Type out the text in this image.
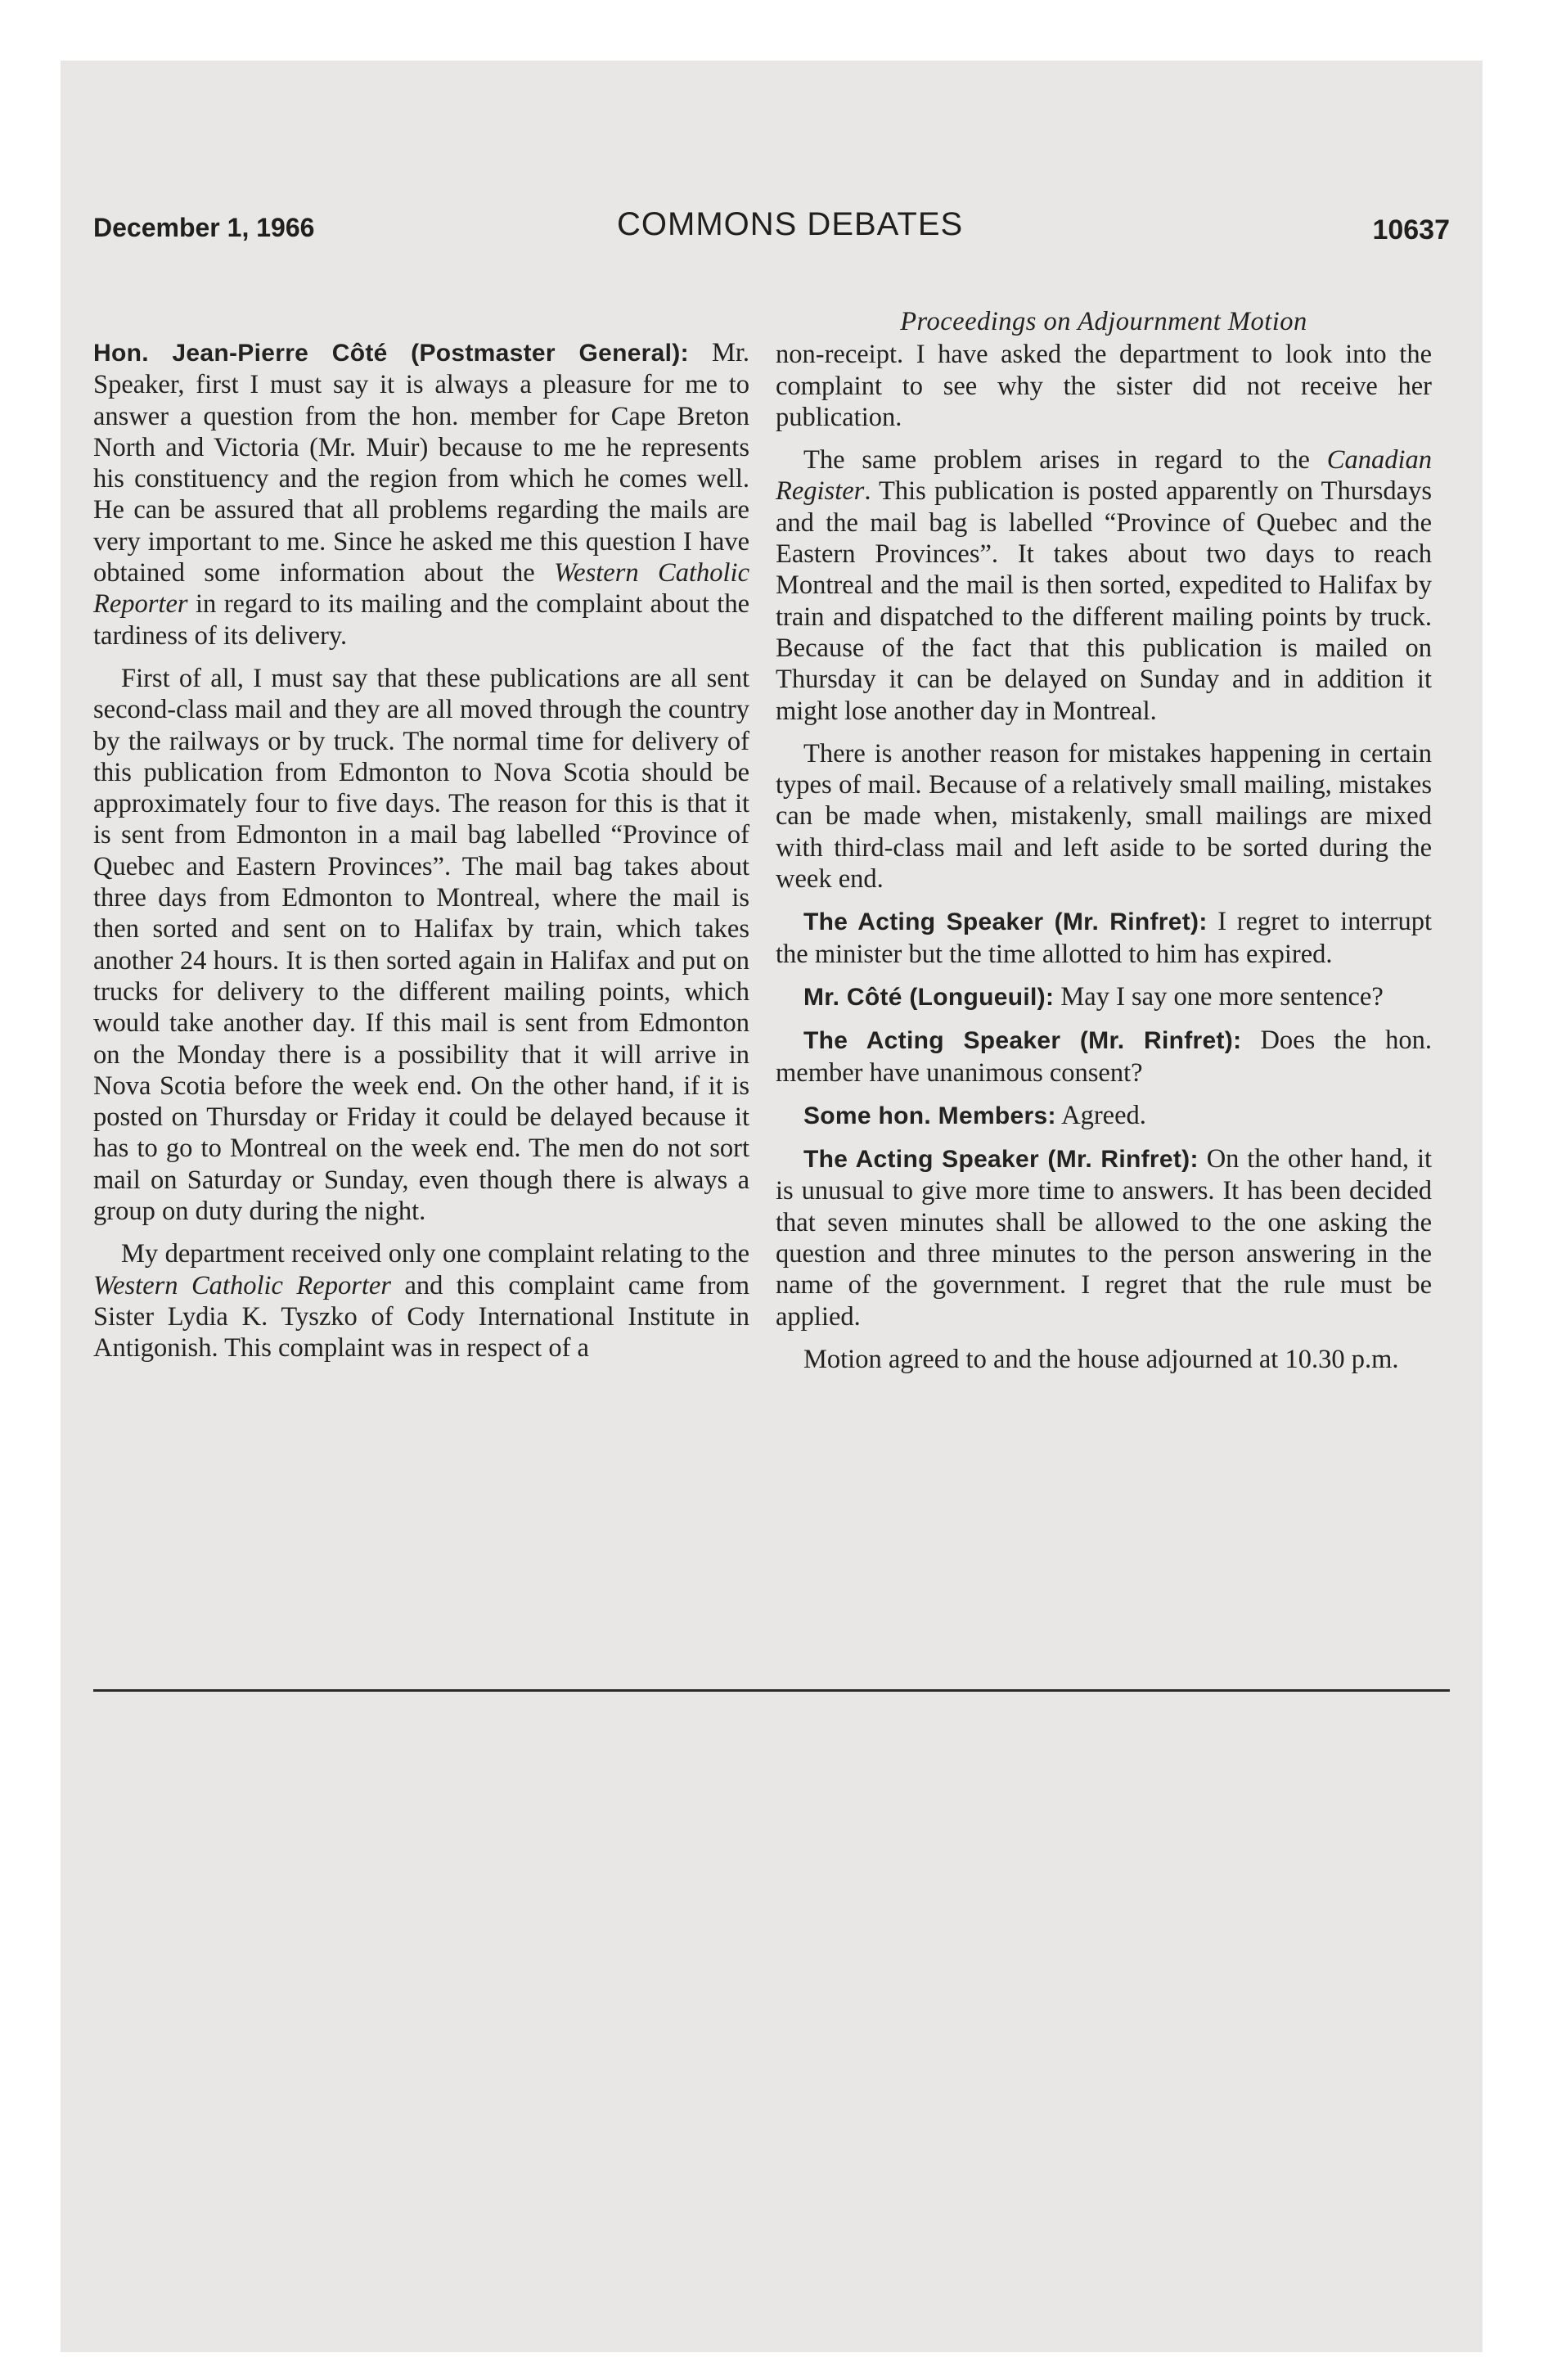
December 1, 1966	COMMONS DEBATES	10637

Hon. Jean-Pierre Côté (Postmaster General): Mr. Speaker, first I must say it is always a pleasure for me to answer a question from the hon. member for Cape Breton North and Victoria (Mr. Muir) because to me he represents his constituency and the region from which he comes well. He can be assured that all problems regarding the mails are very important to me. Since he asked me this question I have obtained some information about the Western Catholic Reporter in regard to its mailing and the complaint about the tardiness of its delivery.

First of all, I must say that these publications are all sent second-class mail and they are all moved through the country by the railways or by truck. The normal time for delivery of this publication from Edmonton to Nova Scotia should be approximately four to five days. The reason for this is that it is sent from Edmonton in a mail bag labelled “Province of Quebec and Eastern Provinces”. The mail bag takes about three days from Edmonton to Montreal, where the mail is then sorted and sent on to Halifax by train, which takes another 24 hours. It is then sorted again in Halifax and put on trucks for delivery to the different mailing points, which would take another day. If this mail is sent from Edmonton on the Monday there is a possibility that it will arrive in Nova Scotia before the week end. On the other hand, if it is posted on Thursday or Friday it could be delayed because it has to go to Montreal on the week end. The men do not sort mail on Saturday or Sunday, even though there is always a group on duty during the night.

My department received only one complaint relating to the Western Catholic Reporter and this complaint came from Sister Lydia K. Tyszko of Cody International Institute in Antigonish. This complaint was in respect of a

Proceedings on Adjournment Motion

non-receipt. I have asked the department to look into the complaint to see why the sister did not receive her publication.

The same problem arises in regard to the Canadian Register. This publication is posted apparently on Thursdays and the mail bag is labelled “Province of Quebec and the Eastern Provinces”. It takes about two days to reach Montreal and the mail is then sorted, expedited to Halifax by train and dispatched to the different mailing points by truck. Because of the fact that this publication is mailed on Thursday it can be delayed on Sunday and in addition it might lose another day in Montreal.

There is another reason for mistakes happening in certain types of mail. Because of a relatively small mailing, mistakes can be made when, mistakenly, small mailings are mixed with third-class mail and left aside to be sorted during the week end.

The Acting Speaker (Mr. Rinfret): I regret to interrupt the minister but the time allotted to him has expired.

Mr. Côté (Longueuil): May I say one more sentence?

The Acting Speaker (Mr. Rinfret): Does the hon. member have unanimous consent?

Some hon. Members: Agreed.

The Acting Speaker (Mr. Rinfret): On the other hand, it is unusual to give more time to answers. It has been decided that seven minutes shall be allowed to the one asking the question and three minutes to the person answering in the name of the government. I regret that the rule must be applied.

Motion agreed to and the house adjourned at 10.30 p.m.
